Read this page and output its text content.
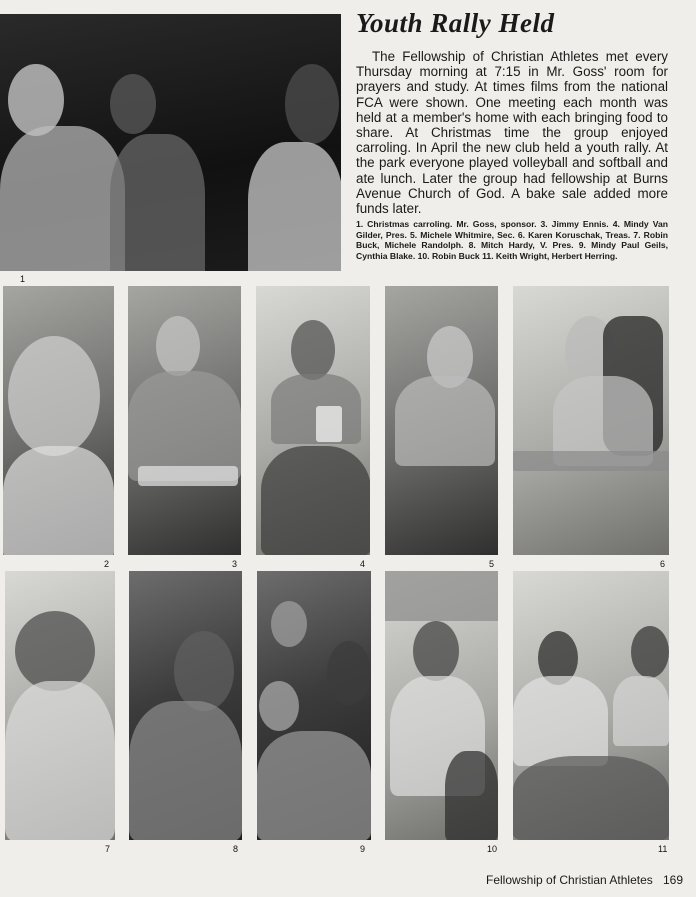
1
2	3	4	5	6
7	8	9	10	11
Youth Rally Held

The Fellowship of Christian Athletes met every Thursday morning at 7:15 in Mr. Goss' room for prayers and study. At times films from the national FCA were shown. One meeting each month was held at a member's home with each bringing food to share. At Christmas time the group enjoyed carroling. In April the new club held a youth rally. At the park everyone played volleyball and softball and ate lunch. Later the group had fellowship at Burns Avenue Church of God. A bake sale added more funds later.

1. Christmas carroling. Mr. Goss, sponsor. 3. Jimmy Ennis. 4. Mindy Van Gilder, Pres. 5. Michele Whitmire, Sec. 6. Karen Koruschak, Treas. 7. Robin Buck, Michele Randolph. 8. Mitch Hardy, V. Pres. 9. Mindy Paul Geils, Cynthia Blake. 10. Robin Buck 11. Keith Wright, Herbert Herring.

Fellowship of Christian Athletes 169
